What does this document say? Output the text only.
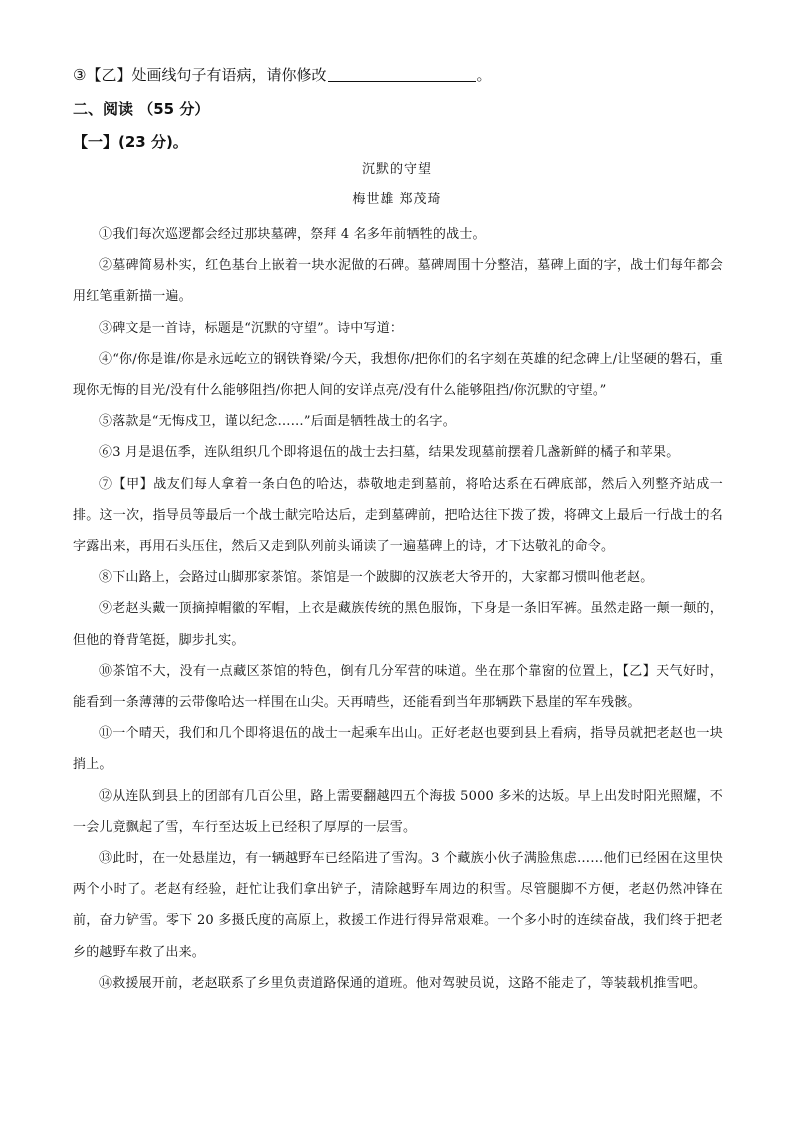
③【乙】处画线句子有语病，请你修改	。
二、阅读 （55 分）
【一】(23 分)。
沉默的守望
梅世雄 郑茂琦

①我们每次巡逻都会经过那块墓碑，祭拜 4 名多年前牺牲的战士。

②墓碑简易朴实，红色基台上嵌着一块水泥做的石碑。墓碑周围十分整洁，墓碑上面的字，战士们每年都会用红笔重新描一遍。

③碑文是一首诗，标题是“沉默的守望”。诗中写道：

④“你/你是谁/你是永远屹立的钢铁脊梁/今天，我想你/把你们的名字刻在英雄的纪念碑上/让坚硬的磐石，重现你无悔的目光/没有什么能够阻挡/你把人间的安详点亮/没有什么能够阻挡/你沉默的守望。”

⑤落款是“无悔戍卫，谨以纪念……”后面是牺牲战士的名字。

⑥3 月是退伍季，连队组织几个即将退伍的战士去扫墓，结果发现墓前摆着几盏新鲜的橘子和苹果。

⑦【甲】战友们每人拿着一条白色的哈达，恭敬地走到墓前，将哈达系在石碑底部，然后入列整齐站成一排。这一次，指导员等最后一个战士献完哈达后，走到墓碑前，把哈达往下拨了拨，将碑文上最后一行战士的名字露出来，再用石头压住，然后又走到队列前头诵读了一遍墓碑上的诗，才下达敬礼的命令。

⑧下山路上，会路过山脚那家茶馆。茶馆是一个跛脚的汉族老大爷开的，大家都习惯叫他老赵。

⑨老赵头戴一顶摘掉帽徽的军帽，上衣是藏族传统的黑色服饰，下身是一条旧军裤。虽然走路一颠一颠的，但他的脊背笔挺，脚步扎实。

⑩茶馆不大，没有一点藏区茶馆的特色，倒有几分军营的味道。坐在那个靠窗的位置上，【乙】天气好时，能看到一条薄薄的云带像哈达一样围在山尖。天再晴些，还能看到当年那辆跌下悬崖的军车残骸。

⑪一个晴天，我们和几个即将退伍的战士一起乘车出山。正好老赵也要到县上看病，指导员就把老赵也一块捎上。

⑫从连队到县上的团部有几百公里，路上需要翻越四五个海拔 5000 多米的达坂。早上出发时阳光照耀，不一会儿竟飘起了雪，车行至达坂上已经积了厚厚的一层雪。

⑬此时，在一处悬崖边，有一辆越野车已经陷进了雪沟。3 个藏族小伙子满脸焦虑……他们已经困在这里快两个小时了。老赵有经验，赶忙让我们拿出铲子，清除越野车周边的积雪。尽管腿脚不方便，老赵仍然冲锋在前，奋力铲雪。零下 20 多摄氏度的高原上，救援工作进行得异常艰难。一个多小时的连续奋战，我们终于把老乡的越野车救了出来。

⑭救援展开前，老赵联系了乡里负责道路保通的道班。他对驾驶员说，这路不能走了，等装载机推雪吧。
